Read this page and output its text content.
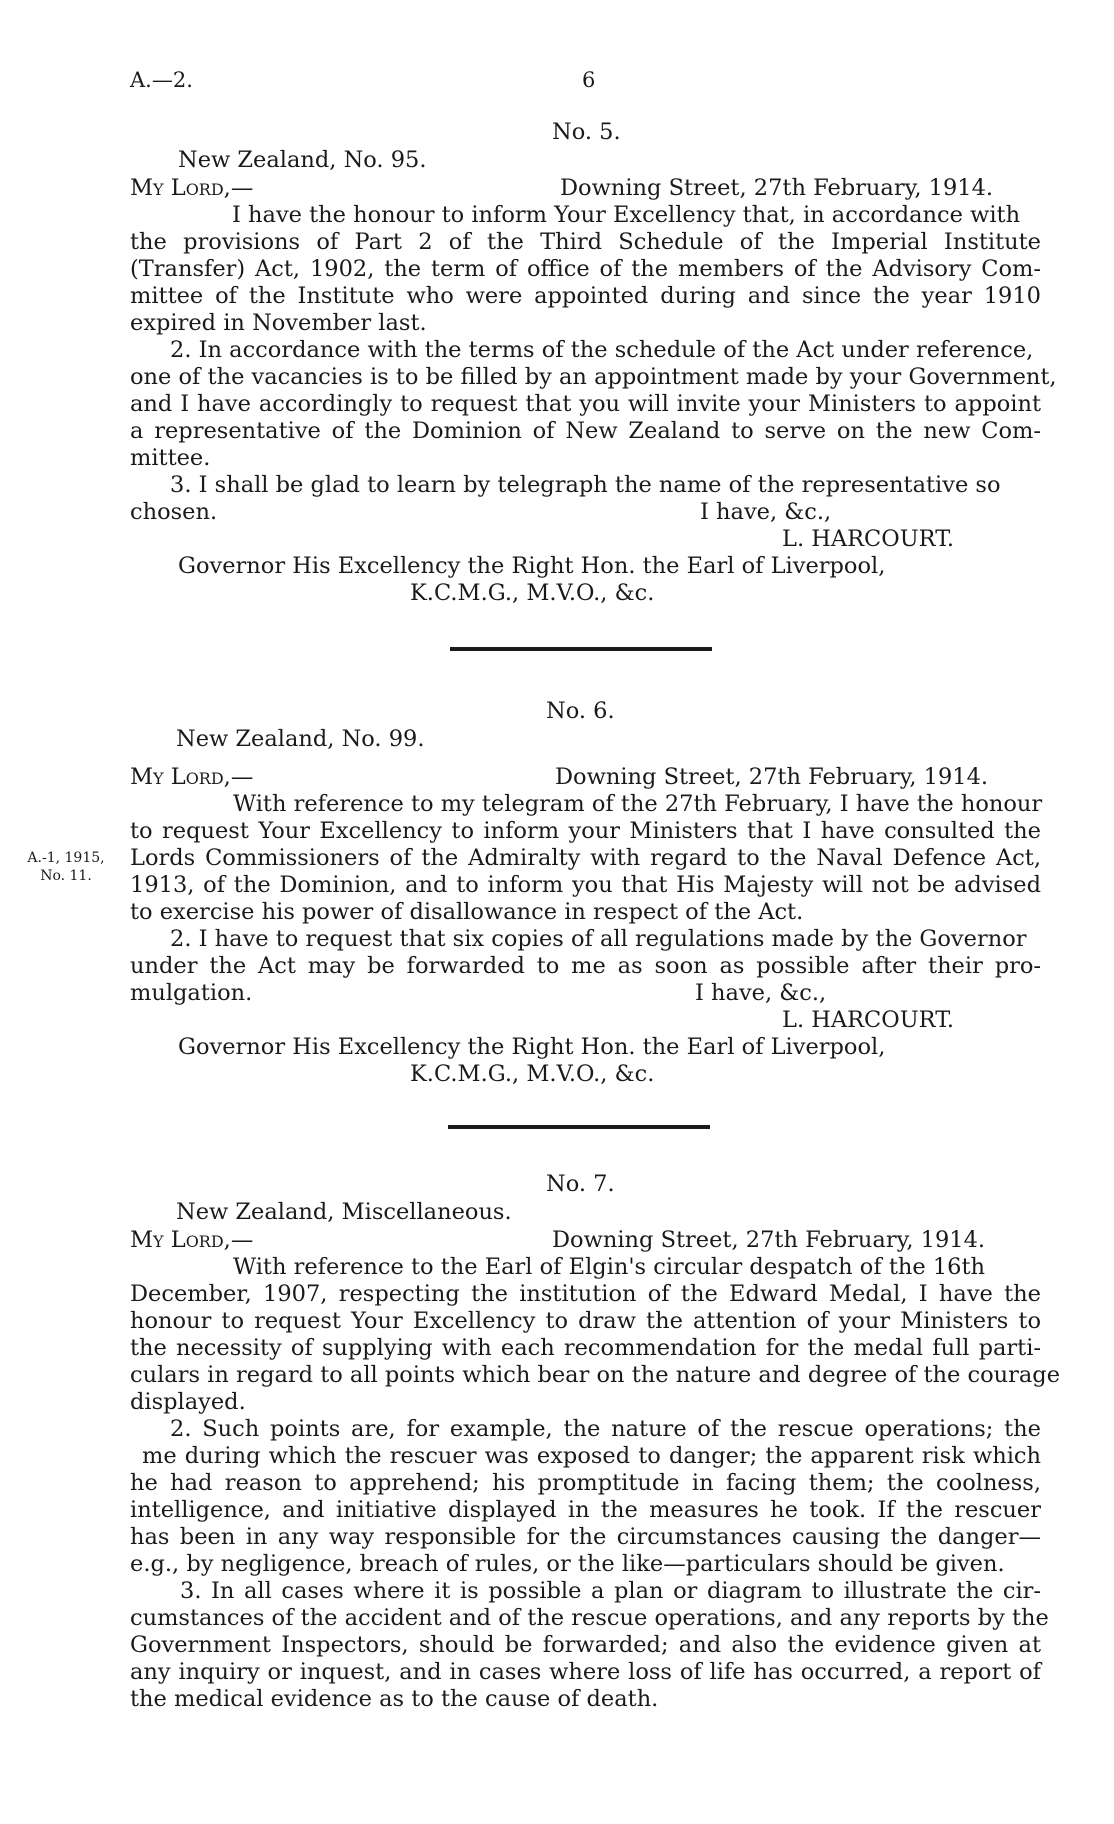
A.—2.	6
No. 5.
New Zealand, No. 95.
My Lord,—	Downing Street, 27th February, 1914.
I have the honour to inform Your Excellency that, in accordance with
the provisions of Part 2 of the Third Schedule of the Imperial Institute
(Transfer) Act, 1902, the term of office of the members of the Advisory Com-
mittee of the Institute who were appointed during and since the year 1910
expired in November last.
2. In accordance with the terms of the schedule of the Act under reference,
one of the vacancies is to be filled by an appointment made by your Government,
and I have accordingly to request that you will invite your Ministers to appoint
a representative of the Dominion of New Zealand to serve on the new Com-
mittee.
3. I shall be glad to learn by telegraph the name of the representative so
chosen.	I have, &c.,
L. HARCOURT.
Governor His Excellency the Right Hon. the Earl of Liverpool,
K.C.M.G., M.V.O., &c.
No. 6.
New Zealand, No. 99.
My Lord,—	Downing Street, 27th February, 1914.
With reference to my telegram of the 27th February, I have the honour
to request Your Excellency to inform your Ministers that I have consulted the
Lords Commissioners of the Admiralty with regard to the Naval Defence Act,
1913, of the Dominion, and to inform you that His Majesty will not be advised
to exercise his power of disallowance in respect of the Act.
2. I have to request that six copies of all regulations made by the Governor
under the Act may be forwarded to me as soon as possible after their pro-
mulgation.	I have, &c.,
A.-1, 1915,
No. 11.
L. HARCOURT.
Governor His Excellency the Right Hon. the Earl of Liverpool,
K.C.M.G., M.V.O., &c.
No. 7.
New Zealand, Miscellaneous.
My Lord,—	Downing Street, 27th February, 1914.
With reference to the Earl of Elgin's circular despatch of the 16th
December, 1907, respecting the institution of the Edward Medal, I have the
honour to request Your Excellency to draw the attention of your Ministers to
the necessity of supplying with each recommendation for the medal full parti-
culars in regard to all points which bear on the nature and degree of the courage
displayed.
2. Such points are, for example, the nature of the rescue operations; the
me during which the rescuer was exposed to danger; the apparent risk which
he had reason to apprehend; his promptitude in facing them; the coolness,
intelligence, and initiative displayed in the measures he took. If the rescuer
has been in any way responsible for the circumstances causing the danger—
e.g., by negligence, breach of rules, or the like—particulars should be given.
3. In all cases where it is possible a plan or diagram to illustrate the cir-
cumstances of the accident and of the rescue operations, and any reports by the
Government Inspectors, should be forwarded; and also the evidence given at
any inquiry or inquest, and in cases where loss of life has occurred, a report of
the medical evidence as to the cause of death.
